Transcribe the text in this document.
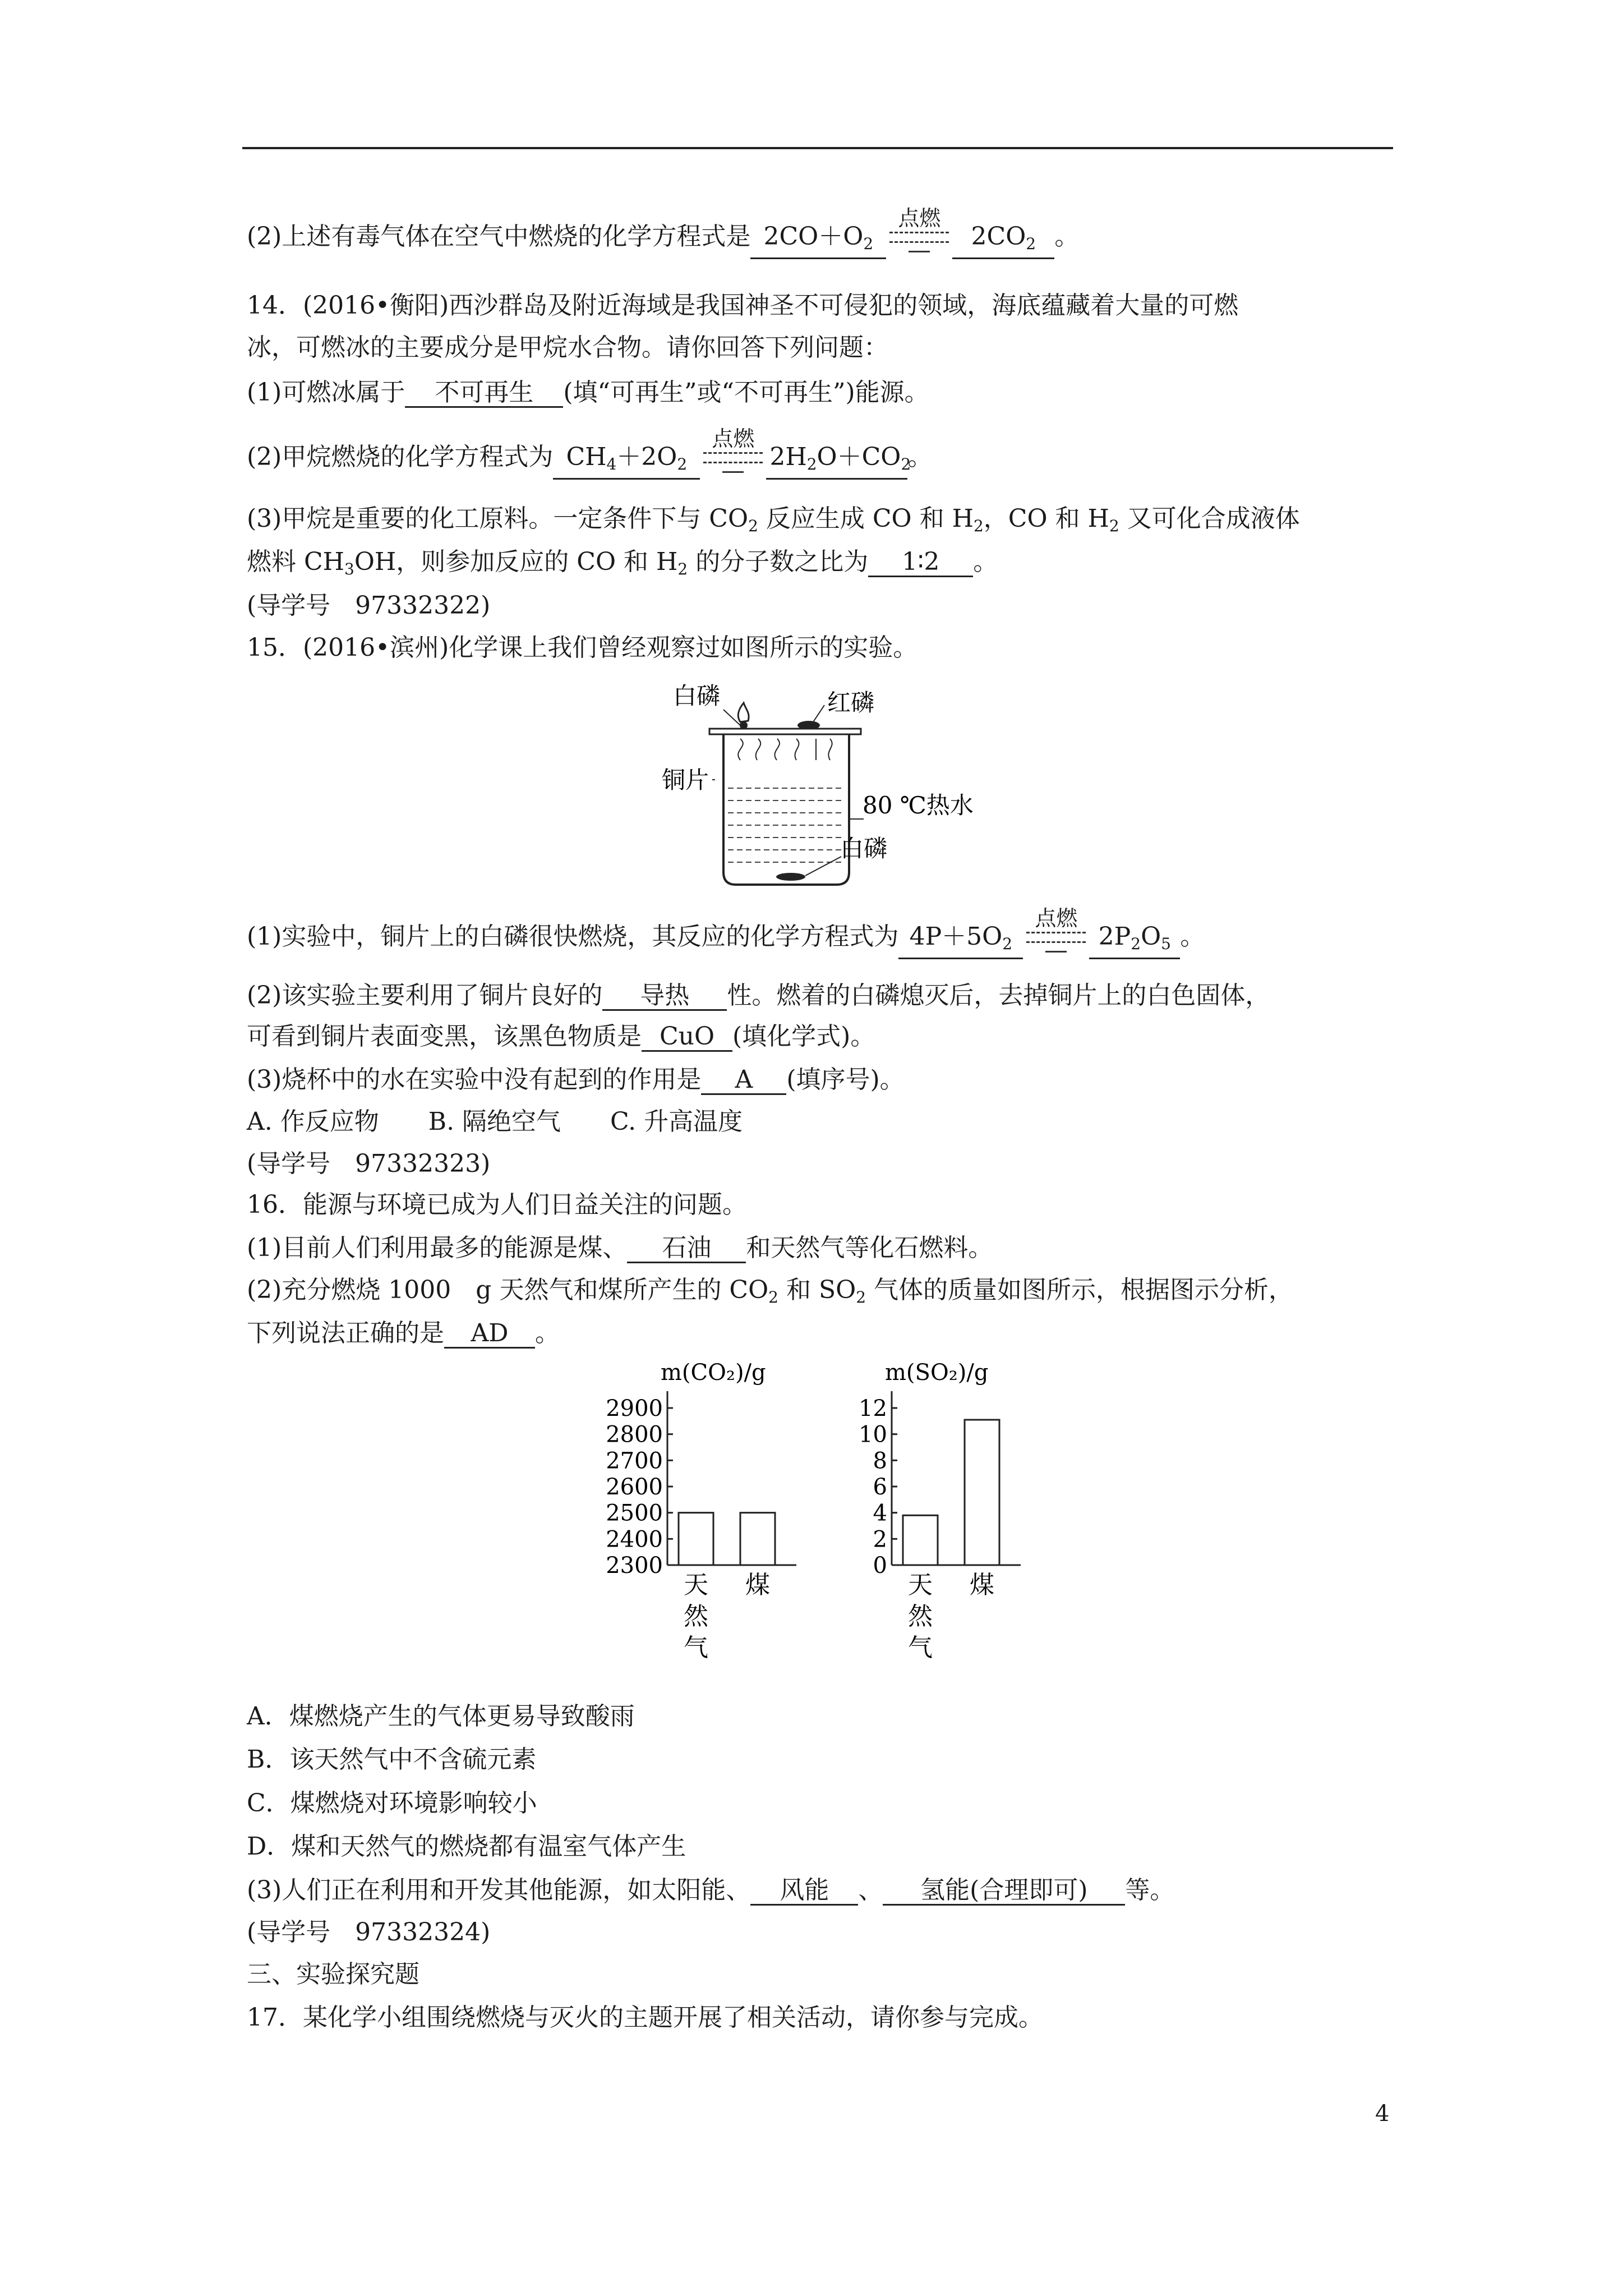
(2)上述有毒气体在空气中燃烧的化学方程式是 $2CO+O_2$
点燃
$2CO_2$ 。
14．(2016•衡阳)西沙群岛及附近海域是我国神圣不可侵犯的领域，海底蕴藏着大量的可燃
冰，可燃冰的主要成分是甲烷水合物。请你回答下列问题：
(1)可燃冰属于 不可再生 (填“可再生”或“不可再生”)能源。
(2)甲烷燃烧的化学方程式为 $CH_4+2O_2$
点燃
$2H_2O+CO_2$。
(3)甲烷是重要的化工原料。一定条件下与 $CO_2$ 反应生成 CO 和 $H_2$，CO 和 $H_2$ 又可化合成液体
燃料 $CH_3OH$，则参加反应的 CO 和 $H_2$ 的分子数之比为 1∶2 。
(导学号　97332322)
15．(2016•滨州)化学课上我们曾经观察过如图所示的实验。
白磷	红磷
铜片
80 ℃热水
白磷
(1)实验中，铜片上的白磷很快燃烧，其反应的化学方程式为 $4P+5O_2$
点燃
$2P_2O_5$ 。
(2)该实验主要利用了铜片良好的 导热 性。燃着的白磷熄灭后，去掉铜片上的白色固体，
可看到铜片表面变黑，该黑色物质是 CuO (填化学式)。
(3)烧杯中的水在实验中没有起到的作用是 A (填序号)。
A. 作反应物　　B. 隔绝空气　　C. 升高温度
(导学号　97332323)
16．能源与环境已成为人们日益关注的问题。
(1)目前人们利用最多的能源是煤、 石油 和天然气等化石燃料。
(2)充分燃烧 1000　g 天然气和煤所产生的 $CO_2$ 和 $SO_2$ 气体的质量如图所示，根据图示分析，
下列说法正确的是 AD 。
m(CO₂)/g
2900
2800
2700
2600
2500
2400
2300
天
然
气
煤
m(SO₂)/g
12
10
8
6
4
2
0
天
然
气
煤
A．煤燃烧产生的气体更易导致酸雨
B．该天然气中不含硫元素
C．煤燃烧对环境影响较小
D．煤和天然气的燃烧都有温室气体产生
(3)人们正在利用和开发其他能源，如太阳能、 风能 、 氢能(合理即可) 等。
(导学号　97332324)
三、实验探究题
17．某化学小组围绕燃烧与灭火的主题开展了相关活动，请你参与完成。
4
